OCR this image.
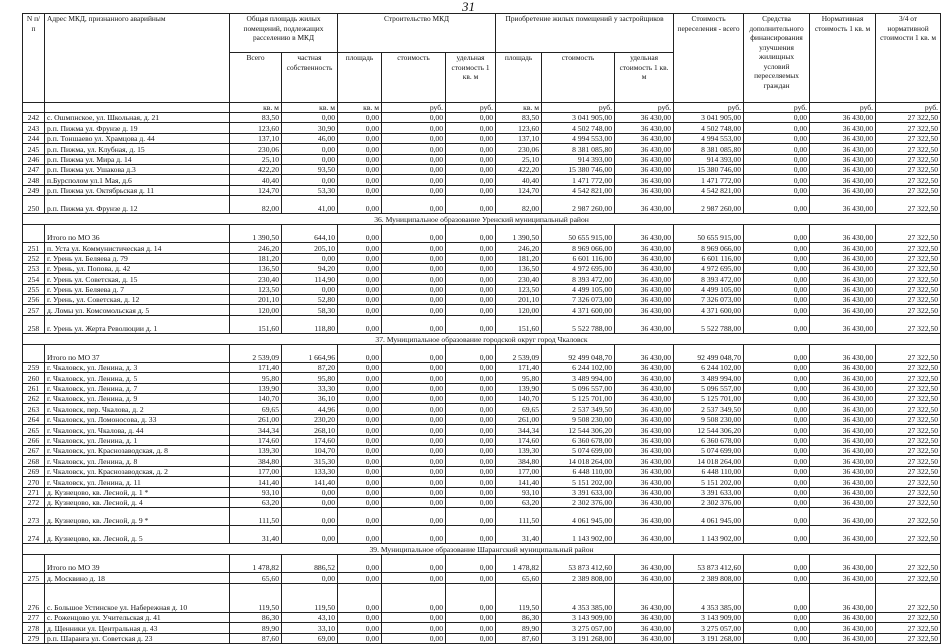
31
N п/п	Адрес МКД, признанного аварийным	Общая площадь жилых помещений, подлежащих расселению в МКД		Строительство МКД			Приобретение жилых помещений у застройщиков			Стоимость переселения - всего	Средства дополнительного финансирования улучшения жилищных условий переселяемых граждан	Нормативная стоимость 1 кв. м	3/4 от нормативной стоимости 1 кв. м
		Всего	частная собственность	площадь	стоимость	удельная стоимость 1 кв. м	площадь	стоимость	удельная стоимость 1 кв. м				
		кв. м	кв. м	кв. м	руб.	руб.	кв. м	руб.	руб.	руб.	руб.	руб.	руб.
242	с. Ошмпнское, ул. Школьная, д. 21	83,50	0,00	0,00	0,00	0,00	83,50	3 041 905,00	36 430,00	3 041 905,00	0,00	36 430,00	27 322,50
243	р.п. Пижма ул. Фрунзе д. 19	123,60	30,90	0,00	0,00	0,00	123,60	4 502 748,00	36 430,00	4 502 748,00	0,00	36 430,00	27 322,50
244	р.п. Тоншаево ул. Храмцова д. 44	137,10	46,00	0,00	0,00	0,00	137,10	4 994 553,00	36 430,00	4 994 553,00	0,00	36 430,00	27 322,50
245	р.п. Пижма, ул. Клубная, д. 15	230,06	0,00	0,00	0,00	0,00	230,06	8 381 085,80	36 430,00	8 381 085,80	0,00	36 430,00	27 322,50
246	р.п. Пижма ул. Мира д. 14	25,10	0,00	0,00	0,00	0,00	25,10	914 393,00	36 430,00	914 393,00	0,00	36 430,00	27 322,50
247	р.п. Пижма ул. Ушакова д.3	422,20	93,50	0,00	0,00	0,00	422,20	15 380 746,00	36 430,00	15 380 746,00	0,00	36 430,00	27 322,50
248	п.Бурсполом ул.1 Мая, д.6	40,40	0,00	0,00	0,00	0,00	40,40	1 471 772,00	36 430,00	1 471 772,00	0,00	36 430,00	27 322,50
249	р.п. Пижма ул. Октябрьская д. 11	124,70	53,30	0,00	0,00	0,00	124,70	4 542 821,00	36 430,00	4 542 821,00	0,00	36 430,00	27 322,50
250	р.п. Пижма ул. Фрунзе д. 12	82,00	41,00	0,00	0,00	0,00	82,00	2 987 260,00	36 430,00	2 987 260,00	0,00	36 430,00	27 322,50
36. Муниципальное образование Уренский муниципальный район													
	Итого по МО 36	1 390,50	644,10	0,00	0,00	0,00	1 390,50	50 655 915,00	36 430,00	50 655 915,00	0,00	36 430,00	27 322,50
251	п. Уста ул. Коммунистическая д. 14	246,20	205,10	0,00	0,00	0,00	246,20	8 969 066,00	36 430,00	8 969 066,00	0,00	36 430,00	27 322,50
252	г. Урень ул. Беляева д. 79	181,20	0,00	0,00	0,00	0,00	181,20	6 601 116,00	36 430,00	6 601 116,00	0,00	36 430,00	27 322,50
253	г. Урень, ул. Попова, д. 42	136,50	94,20	0,00	0,00	0,00	136,50	4 972 695,00	36 430,00	4 972 695,00	0,00	36 430,00	27 322,50
254	г. Урень ул. Советская, д. 15	230,40	114,90	0,00	0,00	0,00	230,40	8 393 472,00	36 430,00	8 393 472,00	0,00	36 430,00	27 322,50
255	г. Урень ул. Беляева д. 7	123,50	0,00	0,00	0,00	0,00	123,50	4 499 105,00	36 430,00	4 499 105,00	0,00	36 430,00	27 322,50
256	г. Урень, ул. Советская, д. 12	201,10	52,80	0,00	0,00	0,00	201,10	7 326 073,00	36 430,00	7 326 073,00	0,00	36 430,00	27 322,50
257	д. Ломы ул. Комсомольская д. 5	120,00	58,30	0,00	0,00	0,00	120,00	4 371 600,00	36 430,00	4 371 600,00	0,00	36 430,00	27 322,50
258	г. Урень ул. Жерта Революции д. 1	151,60	118,80	0,00	0,00	0,00	151,60	5 522 788,00	36 430,00	5 522 788,00	0,00	36 430,00	27 322,50
37. Муниципальное образование городской округ город Чкаловск													
	Итого по МО 37	2 539,09	1 664,96	0,00	0,00	0,00	2 539,09	92 499 048,70	36 430,00	92 499 048,70	0,00	36 430,00	27 322,50
259	г. Чкаловск, ул. Ленина, д. 3	171,40	87,20	0,00	0,00	0,00	171,40	6 244 102,00	36 430,00	6 244 102,00	0,00	36 430,00	27 322,50
260	г. Чкаловск, ул. Ленина, д. 5	95,80	95,80	0,00	0,00	0,00	95,80	3 489 994,00	36 430,00	3 489 994,00	0,00	36 430,00	27 322,50
261	г. Чкаловск, ул. Ленина, д. 7	139,90	33,30	0,00	0,00	0,00	139,90	5 096 557,00	36 430,00	5 096 557,00	0,00	36 430,00	27 322,50
262	г. Чкаловск, ул. Ленина, д. 9	140,70	36,10	0,00	0,00	0,00	140,70	5 125 701,00	36 430,00	5 125 701,00	0,00	36 430,00	27 322,50
263	г. Чкаловск, пер. Чкалова, д. 2	69,65	44,96	0,00	0,00	0,00	69,65	2 537 349,50	36 430,00	2 537 349,50	0,00	36 430,00	27 322,50
264	г. Чкаловск, ул. Ломоносова, д. 33	261,00	230,20	0,00	0,00	0,00	261,00	9 508 230,00	36 430,00	9 508 230,00	0,00	36 430,00	27 322,50
265	г. Чкаловск, ул. Чкалова, д. 44	344,34	268,10	0,00	0,00	0,00	344,34	12 544 306,20	36 430,00	12 544 306,20	0,00	36 430,00	27 322,50
266	г. Чкаловск, ул. Ленина, д. 1	174,60	174,60	0,00	0,00	0,00	174,60	6 360 678,00	36 430,00	6 360 678,00	0,00	36 430,00	27 322,50
267	г. Чкаловск, ул. Краснозаводская, д. 8	139,30	104,70	0,00	0,00	0,00	139,30	5 074 699,00	36 430,00	5 074 699,00	0,00	36 430,00	27 322,50
268	г. Чкаловск, ул. Ленина, д. 8	384,80	315,30	0,00	0,00	0,00	384,80	14 018 264,00	36 430,00	14 018 264,00	0,00	36 430,00	27 322,50
269	г. Чкаловск, ул. Краснозаводская, д. 2	177,00	133,30	0,00	0,00	0,00	177,00	6 448 110,00	36 430,00	6 448 110,00	0,00	36 430,00	27 322,50
270	г. Чкаловск, ул. Ленина, д. 11	141,40	141,40	0,00	0,00	0,00	141,40	5 151 202,00	36 430,00	5 151 202,00	0,00	36 430,00	27 322,50
271	д. Кузнецово, кв. Лесной, д. 1 *	93,10	0,00	0,00	0,00	0,00	93,10	3 391 633,00	36 430,00	3 391 633,00	0,00	36 430,00	27 322,50
272	д. Кузнецово, кв. Лесной, д. 4	63,20	0,00	0,00	0,00	0,00	63,20	2 302 376,00	36 430,00	2 302 376,00	0,00	36 430,00	27 322,50
273	д. Кузнецово, кв. Лесной, д. 9 *	111,50	0,00	0,00	0,00	0,00	111,50	4 061 945,00	36 430,00	4 061 945,00	0,00	36 430,00	27 322,50
274	д. Кузнецово, кв. Лесной, д. 5	31,40	0,00	0,00	0,00	0,00	31,40	1 143 902,00	36 430,00	1 143 902,00	0,00	36 430,00	27 322,50
39. Муниципальное образование Шарангский муниципальный район													
	Итого по МО 39	1 478,82	886,52	0,00	0,00	0,00	1 478,82	53 873 412,60	36 430,00	53 873 412,60	0,00	36 430,00	27 322,50
275	д. Москвино д. 18	65,60	0,00	0,00	0,00	0,00	65,60	2 389 808,00	36 430,00	2 389 808,00	0,00	36 430,00	27 322,50
276	с. Большое Устинское ул. Набережная д. 10	119,50	119,50	0,00	0,00	0,00	119,50	4 353 385,00	36 430,00	4 353 385,00	0,00	36 430,00	27 322,50
277	с. Роженцово ул. Учительская д. 41	86,30	43,10	0,00	0,00	0,00	86,30	3 143 909,00	36 430,00	3 143 909,00	0,00	36 430,00	27 322,50
278	д. Щенники ул. Центральная д. 43	89,90	33,10	0,00	0,00	0,00	89,90	3 275 057,00	36 430,00	3 275 057,00	0,00	36 430,00	27 322,50
279	р.п. Шаранга ул. Советская д. 23	87,60	69,00	0,00	0,00	0,00	87,60	3 191 268,00	36 430,00	3 191 268,00	0,00	36 430,00	27 322,50
